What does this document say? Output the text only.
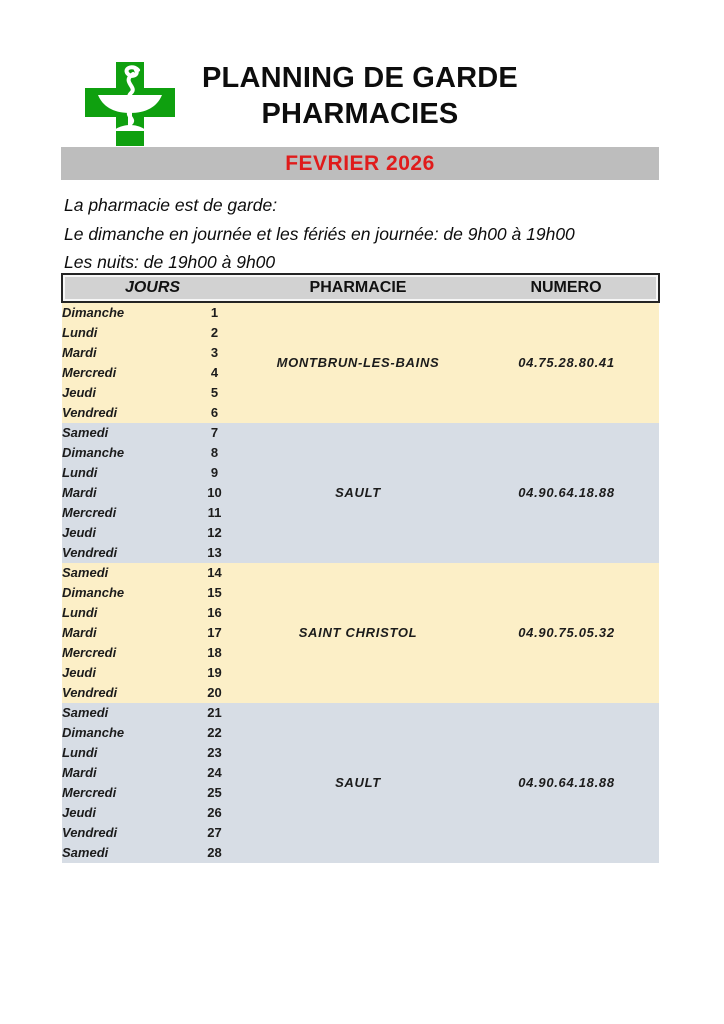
PLANNING DE GARDE
PHARMACIES
FEVRIER 2026
La pharmacie est de garde:
Le dimanche en journée et les fériés en journée: de 9h00 à 19h00
Les nuits: de 19h00 à 9h00
JOURS		PHARMACIE	NUMERO
Dimanche	1	MONTBRUN-LES-BAINS	04.75.28.80.41
Lundi	2		
Mardi	3		
Mercredi	4		
Jeudi	5		
Vendredi	6		
Samedi	7	SAULT	04.90.64.18.88
Dimanche	8		
Lundi	9		
Mardi	10		
Mercredi	11		
Jeudi	12		
Vendredi	13		
Samedi	14	SAINT CHRISTOL	04.90.75.05.32
Dimanche	15		
Lundi	16		
Mardi	17		
Mercredi	18		
Jeudi	19		
Vendredi	20		
Samedi	21	SAULT	04.90.64.18.88
Dimanche	22		
Lundi	23		
Mardi	24		
Mercredi	25		
Jeudi	26		
Vendredi	27		
Samedi	28		
